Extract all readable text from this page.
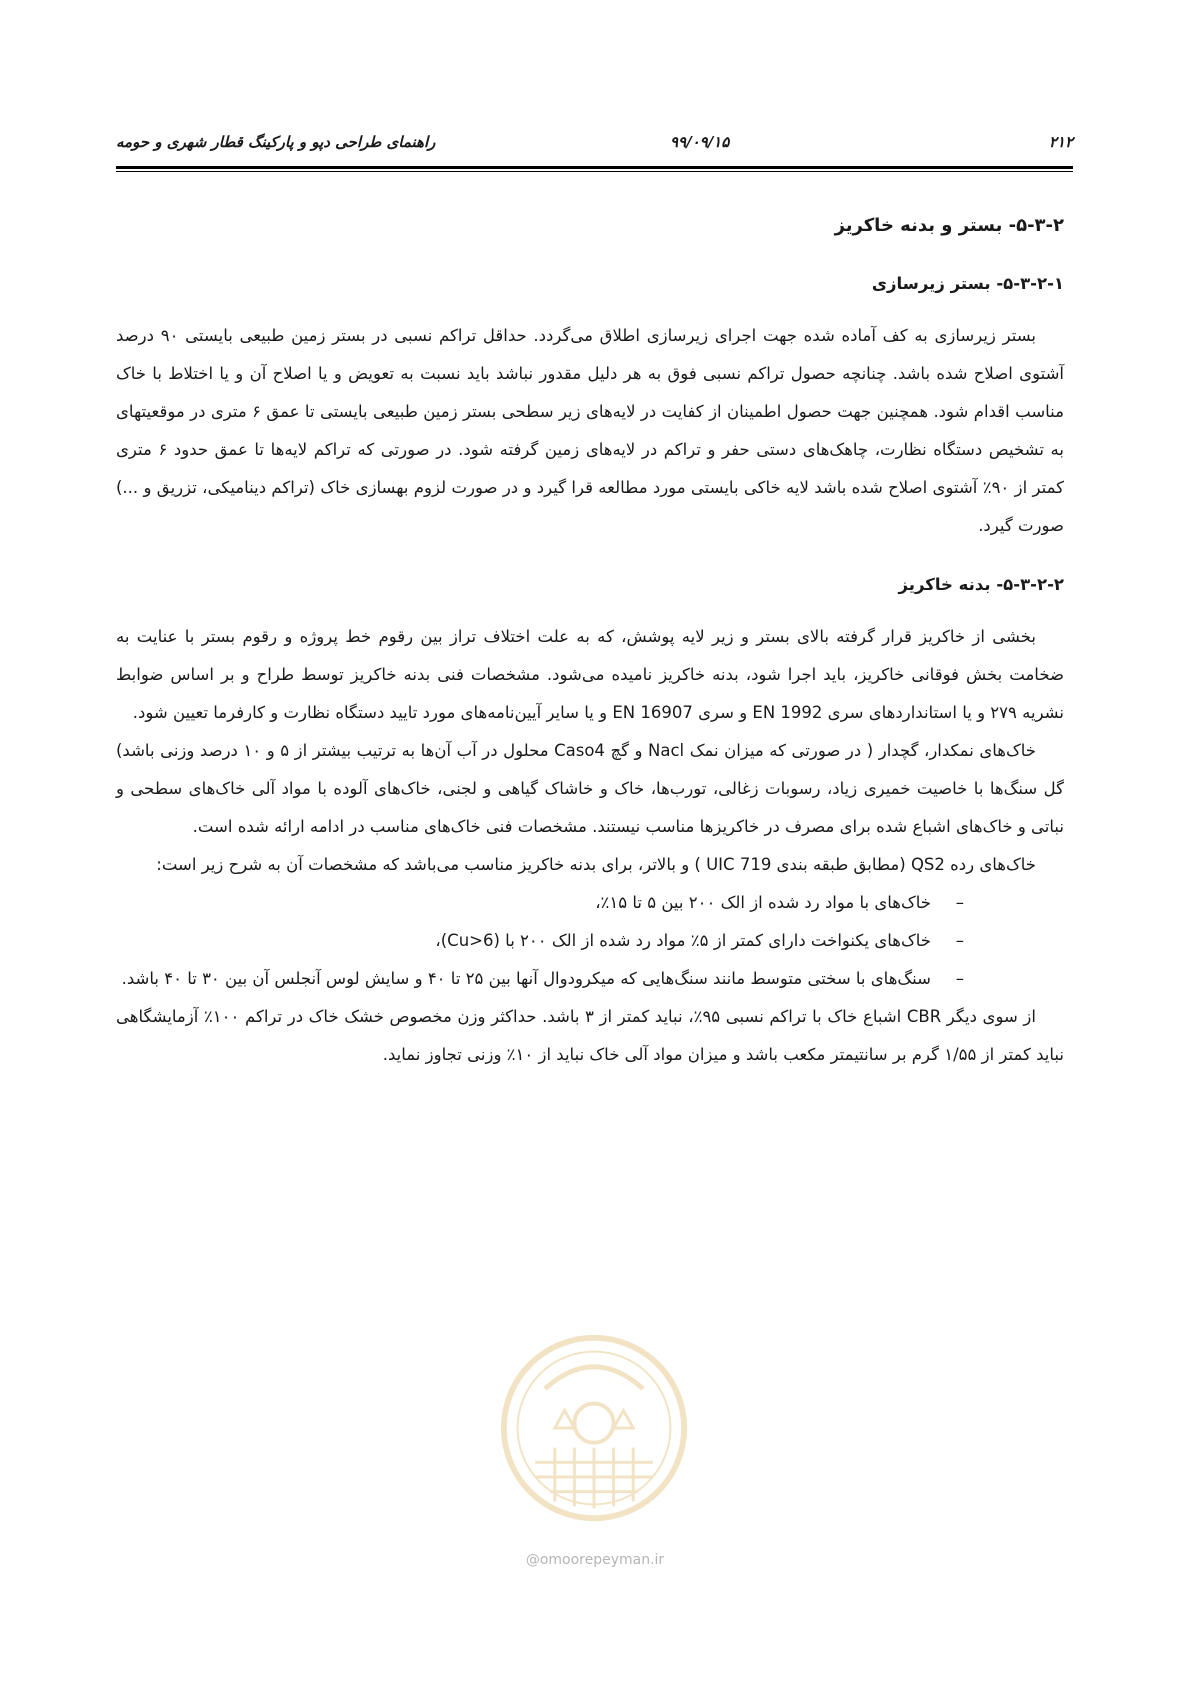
۲۱۲
۹۹/۰۹/۱۵
راهنمای طراحی دپو و پارکینگ قطار شهری و حومه
۵-۳-۲- بستر و بدنه خاکریز
۵-۳-۲-۱- بستر زیرسازی

بستر زیرسازی به کف آماده شده جهت اجرای زیرسازی اطلاق می‌گردد. حداقل تراکم نسبی در بستر زمین طبیعی بایستی ۹۰ درصد آشتوی اصلاح شده باشد. چنانچه حصول تراکم نسبی فوق به هر دلیل مقدور نباشد باید نسبت به تعویض و یا اصلاح آن و یا اختلاط با خاک مناسب اقدام شود. همچنین جهت حصول اطمینان از کفایت در لایه‌های زیر سطحی بستر زمین طبیعی بایستی تا عمق ۶ متری در موقعیتهای به تشخیص دستگاه نظارت، چاهک‌های دستی حفر و تراکم در لایه‌های زمین گرفته شود. در صورتی که تراکم لایه‌ها تا عمق حدود ۶ متری کمتر از ۹۰٪ آشتوی اصلاح شده باشد لایه خاکی بایستی مورد مطالعه قرا گیرد و در صورت لزوم بهسازی خاک (تراکم دینامیکی، تزریق و ...) صورت گیرد.

۵-۳-۲-۲- بدنه خاکریز

بخشی از خاکریز قرار گرفته بالای بستر و زیر لایه پوشش، که به علت اختلاف تراز بین رقوم خط پروژه و رقوم بستر با عنایت به ضخامت بخش فوقانی خاکریز، باید اجرا شود، بدنه خاکریز نامیده می‌شود. مشخصات فنی بدنه خاکریز توسط طراح و بر اساس ضوابط نشریه ۲۷۹ و یا استانداردهای سری EN 1992 و سری EN 16907 و یا سایر آیین‌نامه‌های مورد تایید دستگاه نظارت و کارفرما تعیین شود.

خاک‌های نمکدار، گچدار ( در صورتی که میزان نمک Nacl و گچ Caso4 محلول در آب آن‌ها به ترتیب بیشتر از ۵ و ۱۰ درصد وزنی باشد) گل سنگ‌ها با خاصیت خمیری زیاد، رسوبات زغالی، تورب‌ها، خاک و خاشاک گیاهی و لجنی، خاک‌های آلوده با مواد آلی خاک‌های سطحی و نباتی و خاک‌های اشباع شده برای مصرف در خاکریزها مناسب نیستند. مشخصات فنی خاک‌های مناسب در ادامه ارائه شده است.

خاک‌های رده QS2 (مطابق طبقه بندی UIC 719 ) و بالاتر، برای بدنه خاکریز مناسب می‌باشد که مشخصات آن به شرح زیر است:

– خاک‌های با مواد رد شده از الک ۲۰۰ بین ۵ تا ۱۵٪،
– خاک‌های یکنواخت دارای کمتر از ۵٪ مواد رد شده از الک ۲۰۰ با (Cu>6)،
– سنگ‌های با سختی متوسط مانند سنگ‌هایی که میکرودوال آنها بین ۲۵ تا ۴۰ و سایش لوس آنجلس آن بین ۳۰ تا ۴۰ باشد.

از سوی دیگر CBR اشباع خاک با تراکم نسبی ۹۵٪، نباید کمتر از ۳ باشد. حداکثر وزن مخصوص خشک خاک در تراکم ۱۰۰٪ آزمایشگاهی نباید کمتر از ۱/۵۵ گرم بر سانتیمتر مکعب باشد و میزان مواد آلی خاک نباید از ۱۰٪ وزنی تجاوز نماید.

@omoorepeyman.ir
